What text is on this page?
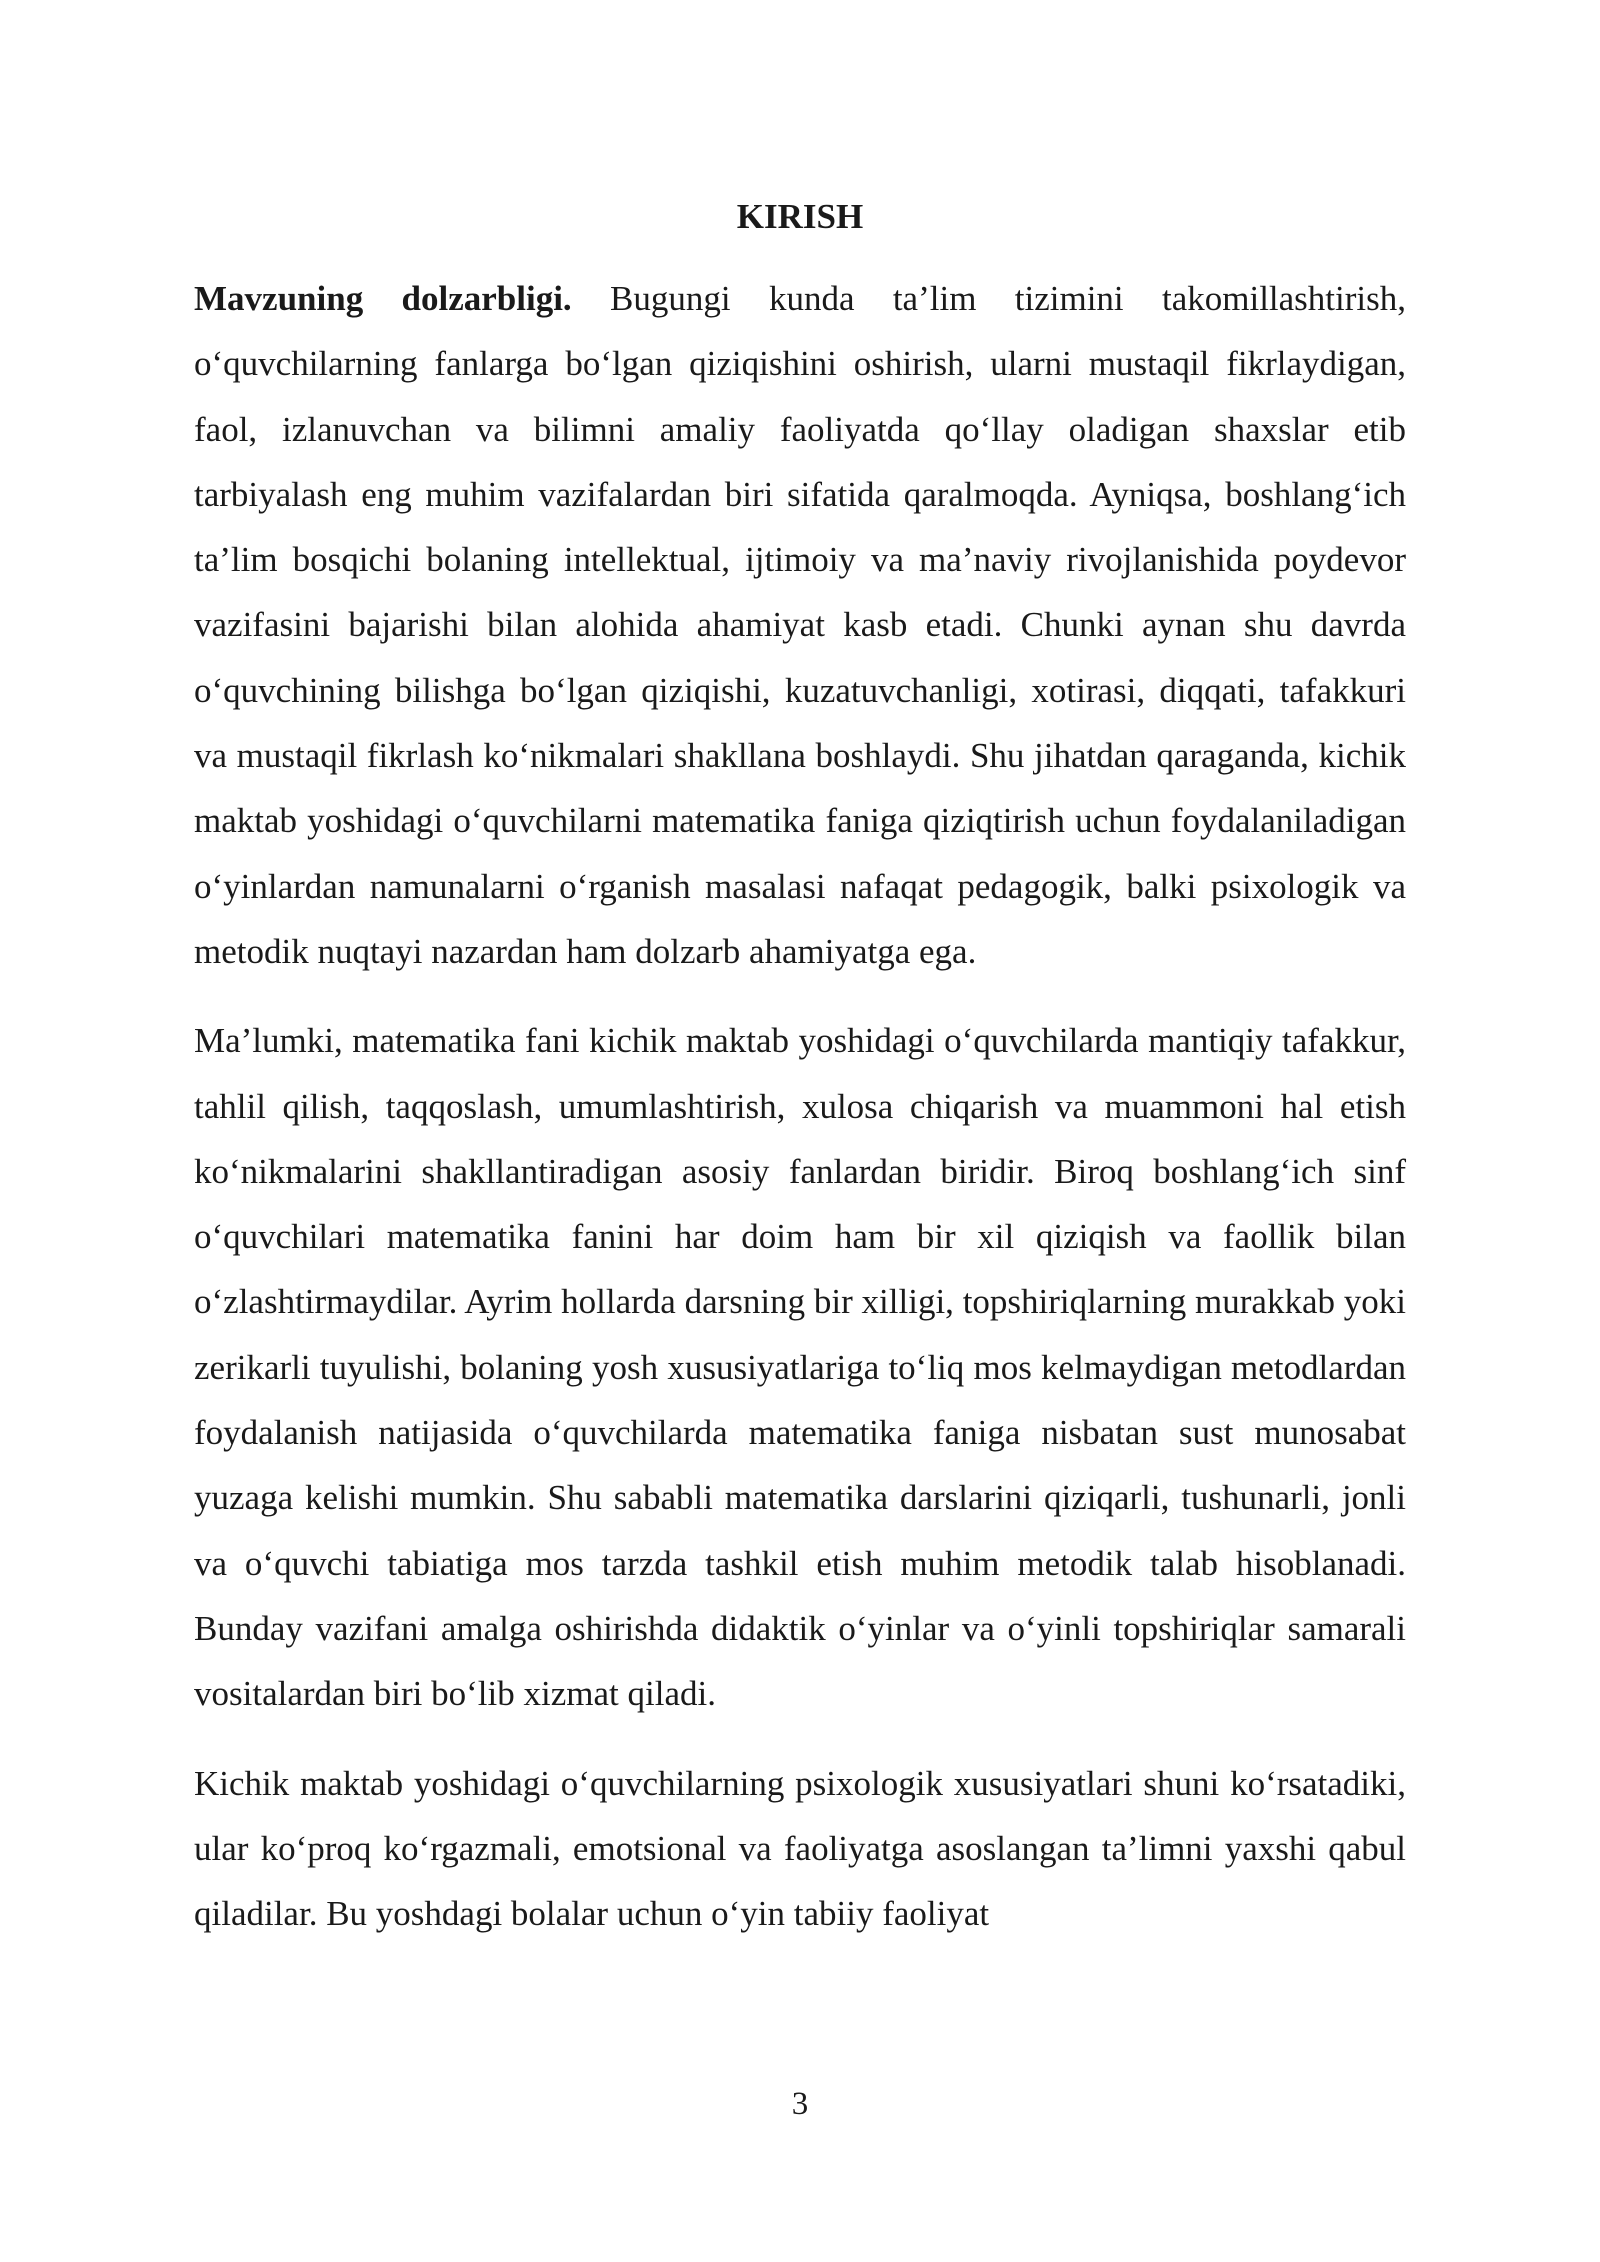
KIRISH

Mavzuning dolzarbligi. Bugungi kunda ta’lim tizimini takomillashtirish, o‘quvchilarning fanlarga bo‘lgan qiziqishini oshirish, ularni mustaqil fikrlaydigan, faol, izlanuvchan va bilimni amaliy faoliyatda qo‘llay oladigan shaxslar etib tarbiyalash eng muhim vazifalardan biri sifatida qaralmoqda. Ayniqsa, boshlang‘ich ta’lim bosqichi bolaning intellektual, ijtimoiy va ma’naviy rivojlanishida poydevor vazifasini bajarishi bilan alohida ahamiyat kasb etadi. Chunki aynan shu davrda o‘quvchining bilishga bo‘lgan qiziqishi, kuzatuvchanligi, xotirasi, diqqati, tafakkuri va mustaqil fikrlash ko‘nikmalari shakllana boshlaydi. Shu jihatdan qaraganda, kichik maktab yoshidagi o‘quvchilarni matematika faniga qiziqtirish uchun foydalaniladigan o‘yinlardan namunalarni o‘rganish masalasi nafaqat pedagogik, balki psixologik va metodik nuqtayi nazardan ham dolzarb ahamiyatga ega.

Ma’lumki, matematika fani kichik maktab yoshidagi o‘quvchilarda mantiqiy tafakkur, tahlil qilish, taqqoslash, umumlashtirish, xulosa chiqarish va muammoni hal etish ko‘nikmalarini shakllantiradigan asosiy fanlardan biridir. Biroq boshlang‘ich sinf o‘quvchilari matematika fanini har doim ham bir xil qiziqish va faollik bilan o‘zlashtirmaydilar. Ayrim hollarda darsning bir xilligi, topshiriqlarning murakkab yoki zerikarli tuyulishi, bolaning yosh xususiyatlariga to‘liq mos kelmaydigan metodlardan foydalanish natijasida o‘quvchilarda matematika faniga nisbatan sust munosabat yuzaga kelishi mumkin. Shu sababli matematika darslarini qiziqarli, tushunarli, jonli va o‘quvchi tabiatiga mos tarzda tashkil etish muhim metodik talab hisoblanadi. Bunday vazifani amalga oshirishda didaktik o‘yinlar va o‘yinli topshiriqlar samarali vositalardan biri bo‘lib xizmat qiladi.

Kichik maktab yoshidagi o‘quvchilarning psixologik xususiyatlari shuni ko‘rsatadiki, ular ko‘proq ko‘rgazmali, emotsional va faoliyatga asoslangan ta’limni yaxshi qabul qiladilar. Bu yoshdagi bolalar uchun o‘yin tabiiy faoliyat

3
